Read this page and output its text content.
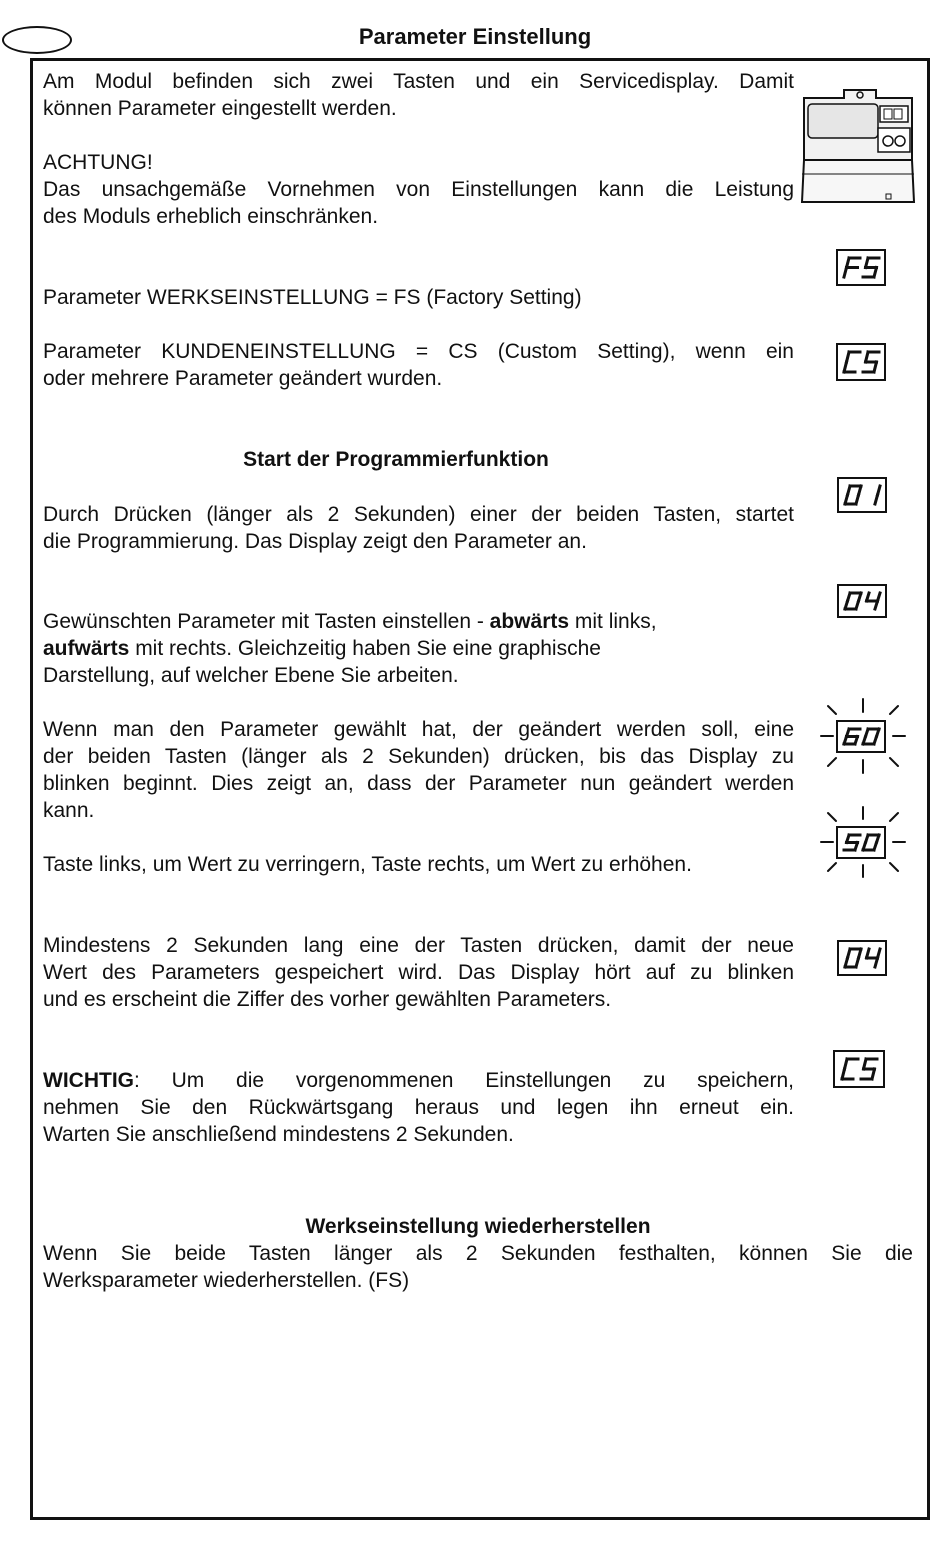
Parameter Einstellung
Am Modul befinden sich zwei Tasten und ein Servicedisplay. Damit
können Parameter eingestellt werden.
ACHTUNG!
Das unsachgemäße Vornehmen von Einstellungen kann die Leistung
des Moduls erheblich einschränken.
Parameter WERKSEINSTELLUNG = FS (Factory Setting)
Parameter KUNDENEINSTELLUNG = CS (Custom Setting), wenn ein
oder mehrere Parameter geändert wurden.
Start der Programmierfunktion
Durch Drücken (länger als 2 Sekunden) einer der beiden Tasten, startet
die Programmierung. Das Display zeigt den Parameter an.
Gewünschten Parameter mit Tasten einstellen - abwärts mit links,
aufwärts mit rechts. Gleichzeitig haben Sie eine graphische
Darstellung, auf welcher Ebene Sie arbeiten.
Wenn man den Parameter gewählt hat, der geändert werden soll, eine
der beiden Tasten (länger als 2 Sekunden) drücken, bis das Display zu
blinken beginnt. Dies zeigt an, dass der Parameter nun geändert werden
kann.
Taste links, um Wert zu verringern, Taste rechts, um Wert zu erhöhen.
Mindestens 2 Sekunden lang eine der Tasten drücken, damit der neue
Wert des Parameters gespeichert wird. Das Display hört auf zu blinken
und es erscheint die Ziffer des vorher gewählten Parameters.
WICHTIG: Um die vorgenommenen Einstellungen zu speichern,
nehmen Sie den Rückwärtsgang heraus und legen ihn erneut ein.
Warten Sie anschließend mindestens 2 Sekunden.
Werkseinstellung wiederherstellen
Wenn Sie beide Tasten länger als 2 Sekunden festhalten, können Sie die
Werksparameter wiederherstellen. (FS)
